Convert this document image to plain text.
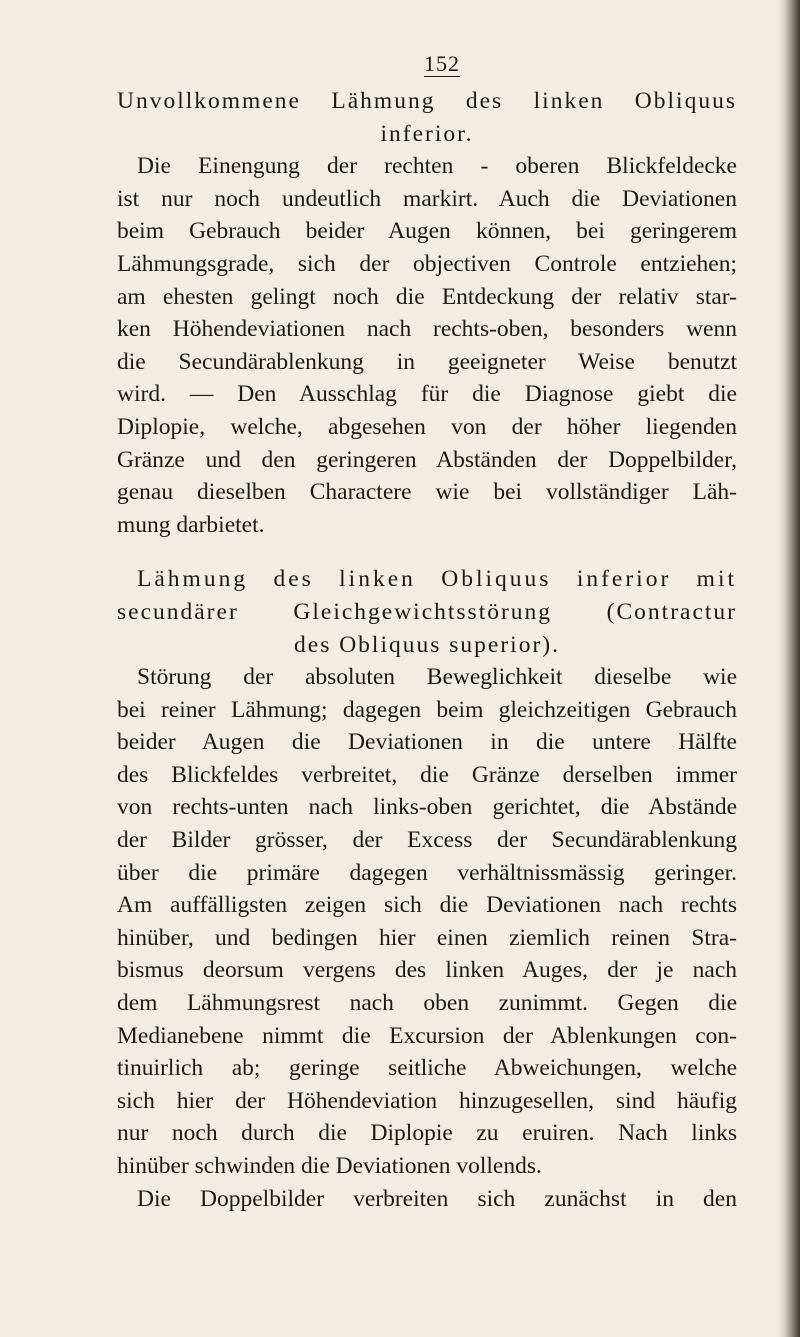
152
Unvollkommene Lähmung des linken Obliquus
inferior.
Die Einengung der rechten - oberen Blickfeldecke
ist nur noch undeutlich markirt. Auch die Deviationen
beim Gebrauch beider Augen können, bei geringerem
Lähmungsgrade, sich der objectiven Controle entziehen;
am ehesten gelingt noch die Entdeckung der relativ star-
ken Höhendeviationen nach rechts-oben, besonders wenn
die Secundärablenkung in geeigneter Weise benutzt
wird. — Den Ausschlag für die Diagnose giebt die
Diplopie, welche, abgesehen von der höher liegenden
Gränze und den geringeren Abständen der Doppelbilder,
genau dieselben Charactere wie bei vollständiger Läh-
mung darbietet.
Lähmung des linken Obliquus inferior mit
secundärer Gleichgewichtsstörung (Contractur
des Obliquus superior).
Störung der absoluten Beweglichkeit dieselbe wie
bei reiner Lähmung; dagegen beim gleichzeitigen Gebrauch
beider Augen die Deviationen in die untere Hälfte
des Blickfeldes verbreitet, die Gränze derselben immer
von rechts-unten nach links-oben gerichtet, die Abstände
der Bilder grösser, der Excess der Secundärablenkung
über die primäre dagegen verhältnissmässig geringer.
Am auffälligsten zeigen sich die Deviationen nach rechts
hinüber, und bedingen hier einen ziemlich reinen Stra-
bismus deorsum vergens des linken Auges, der je nach
dem Lähmungsrest nach oben zunimmt. Gegen die
Medianebene nimmt die Excursion der Ablenkungen con-
tinuirlich ab; geringe seitliche Abweichungen, welche
sich hier der Höhendeviation hinzugesellen, sind häufig
nur noch durch die Diplopie zu eruiren. Nach links
hinüber schwinden die Deviationen vollends.
Die Doppelbilder verbreiten sich zunächst in den
